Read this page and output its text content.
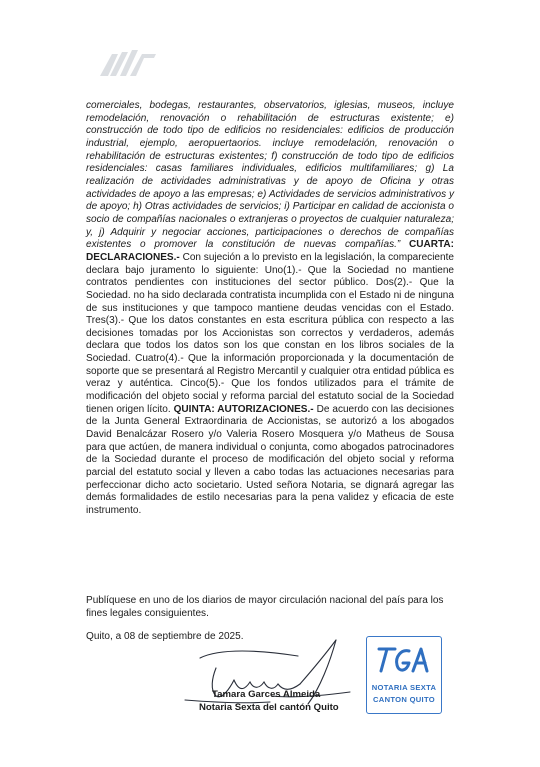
comerciales, bodegas, restaurantes, observatorios, iglesias, museos, incluye remodelación, renovación o rehabilitación de estructuras existente; e) construcción de todo tipo de edificios no residenciales: edificios de producción industrial, ejemplo, aeropuertaorios. incluye remodelación, renovación o rehabilitación de estructuras existentes; f) construcción de todo tipo de edificios residenciales: casas familiares individuales, edificios multifamiliares; g) La realización de actividades administrativas y de apoyo de Oficina y otras actividades de apoyo a las empresas; e) Actividades de servicios administrativos y de apoyo; h) Otras actividades de servicios; i) Participar en calidad de accionista o socio de compañías nacionales o extranjeras o proyectos de cualquier naturaleza; y, j) Adquirir y negociar acciones, participaciones o derechos de compañías existentes o promover la constitución de nuevas compañías.” CUARTA: DECLARACIONES.- Con sujeción a lo previsto en la legislación, la compareciente declara bajo juramento lo siguiente: Uno(1).- Que la Sociedad no mantiene contratos pendientes con instituciones del sector público. Dos(2).- Que la Sociedad. no ha sido declarada contratista incumplida con el Estado ni de ninguna de sus instituciones y que tampoco mantiene deudas vencidas con el Estado. Tres(3).- Que los datos constantes en esta escritura pública con respecto a las decisiones tomadas por los Accionistas son correctos y verdaderos, además declara que todos los datos son los que constan en los libros sociales de la Sociedad. Cuatro(4).- Que la información proporcionada y la documentación de soporte que se presentará al Registro Mercantil y cualquier otra entidad pública es veraz y auténtica. Cinco(5).- Que los fondos utilizados para el trámite de modificación del objeto social y reforma parcial del estatuto social de la Sociedad tienen origen lícito. QUINTA: AUTORIZACIONES.- De acuerdo con las decisiones de la Junta General Extraordinaria de Accionistas, se autorizó a los abogados David Benalcázar Rosero y/o Valeria Rosero Mosquera y/o Matheus de Sousa para que actúen, de manera individual o conjunta, como abogados patrocinadores de la Sociedad durante el proceso de modificación del objeto social y reforma parcial del estatuto social y lleven a cabo todas las actuaciones necesarias para perfeccionar dicho acto societario. Usted señora Notaria, se dignará agregar las demás formalidades de estilo necesarias para la pena validez y eficacia de este instrumento.

Publíquese en uno de los diarios de mayor circulación nacional del país para los fines legales consiguientes.
Quito, a 08 de septiembre de 2025.
Tamara Garces Almeida
Notaria Sexta del cantón Quito
NOTARIA SEXTA
CANTON QUITO
